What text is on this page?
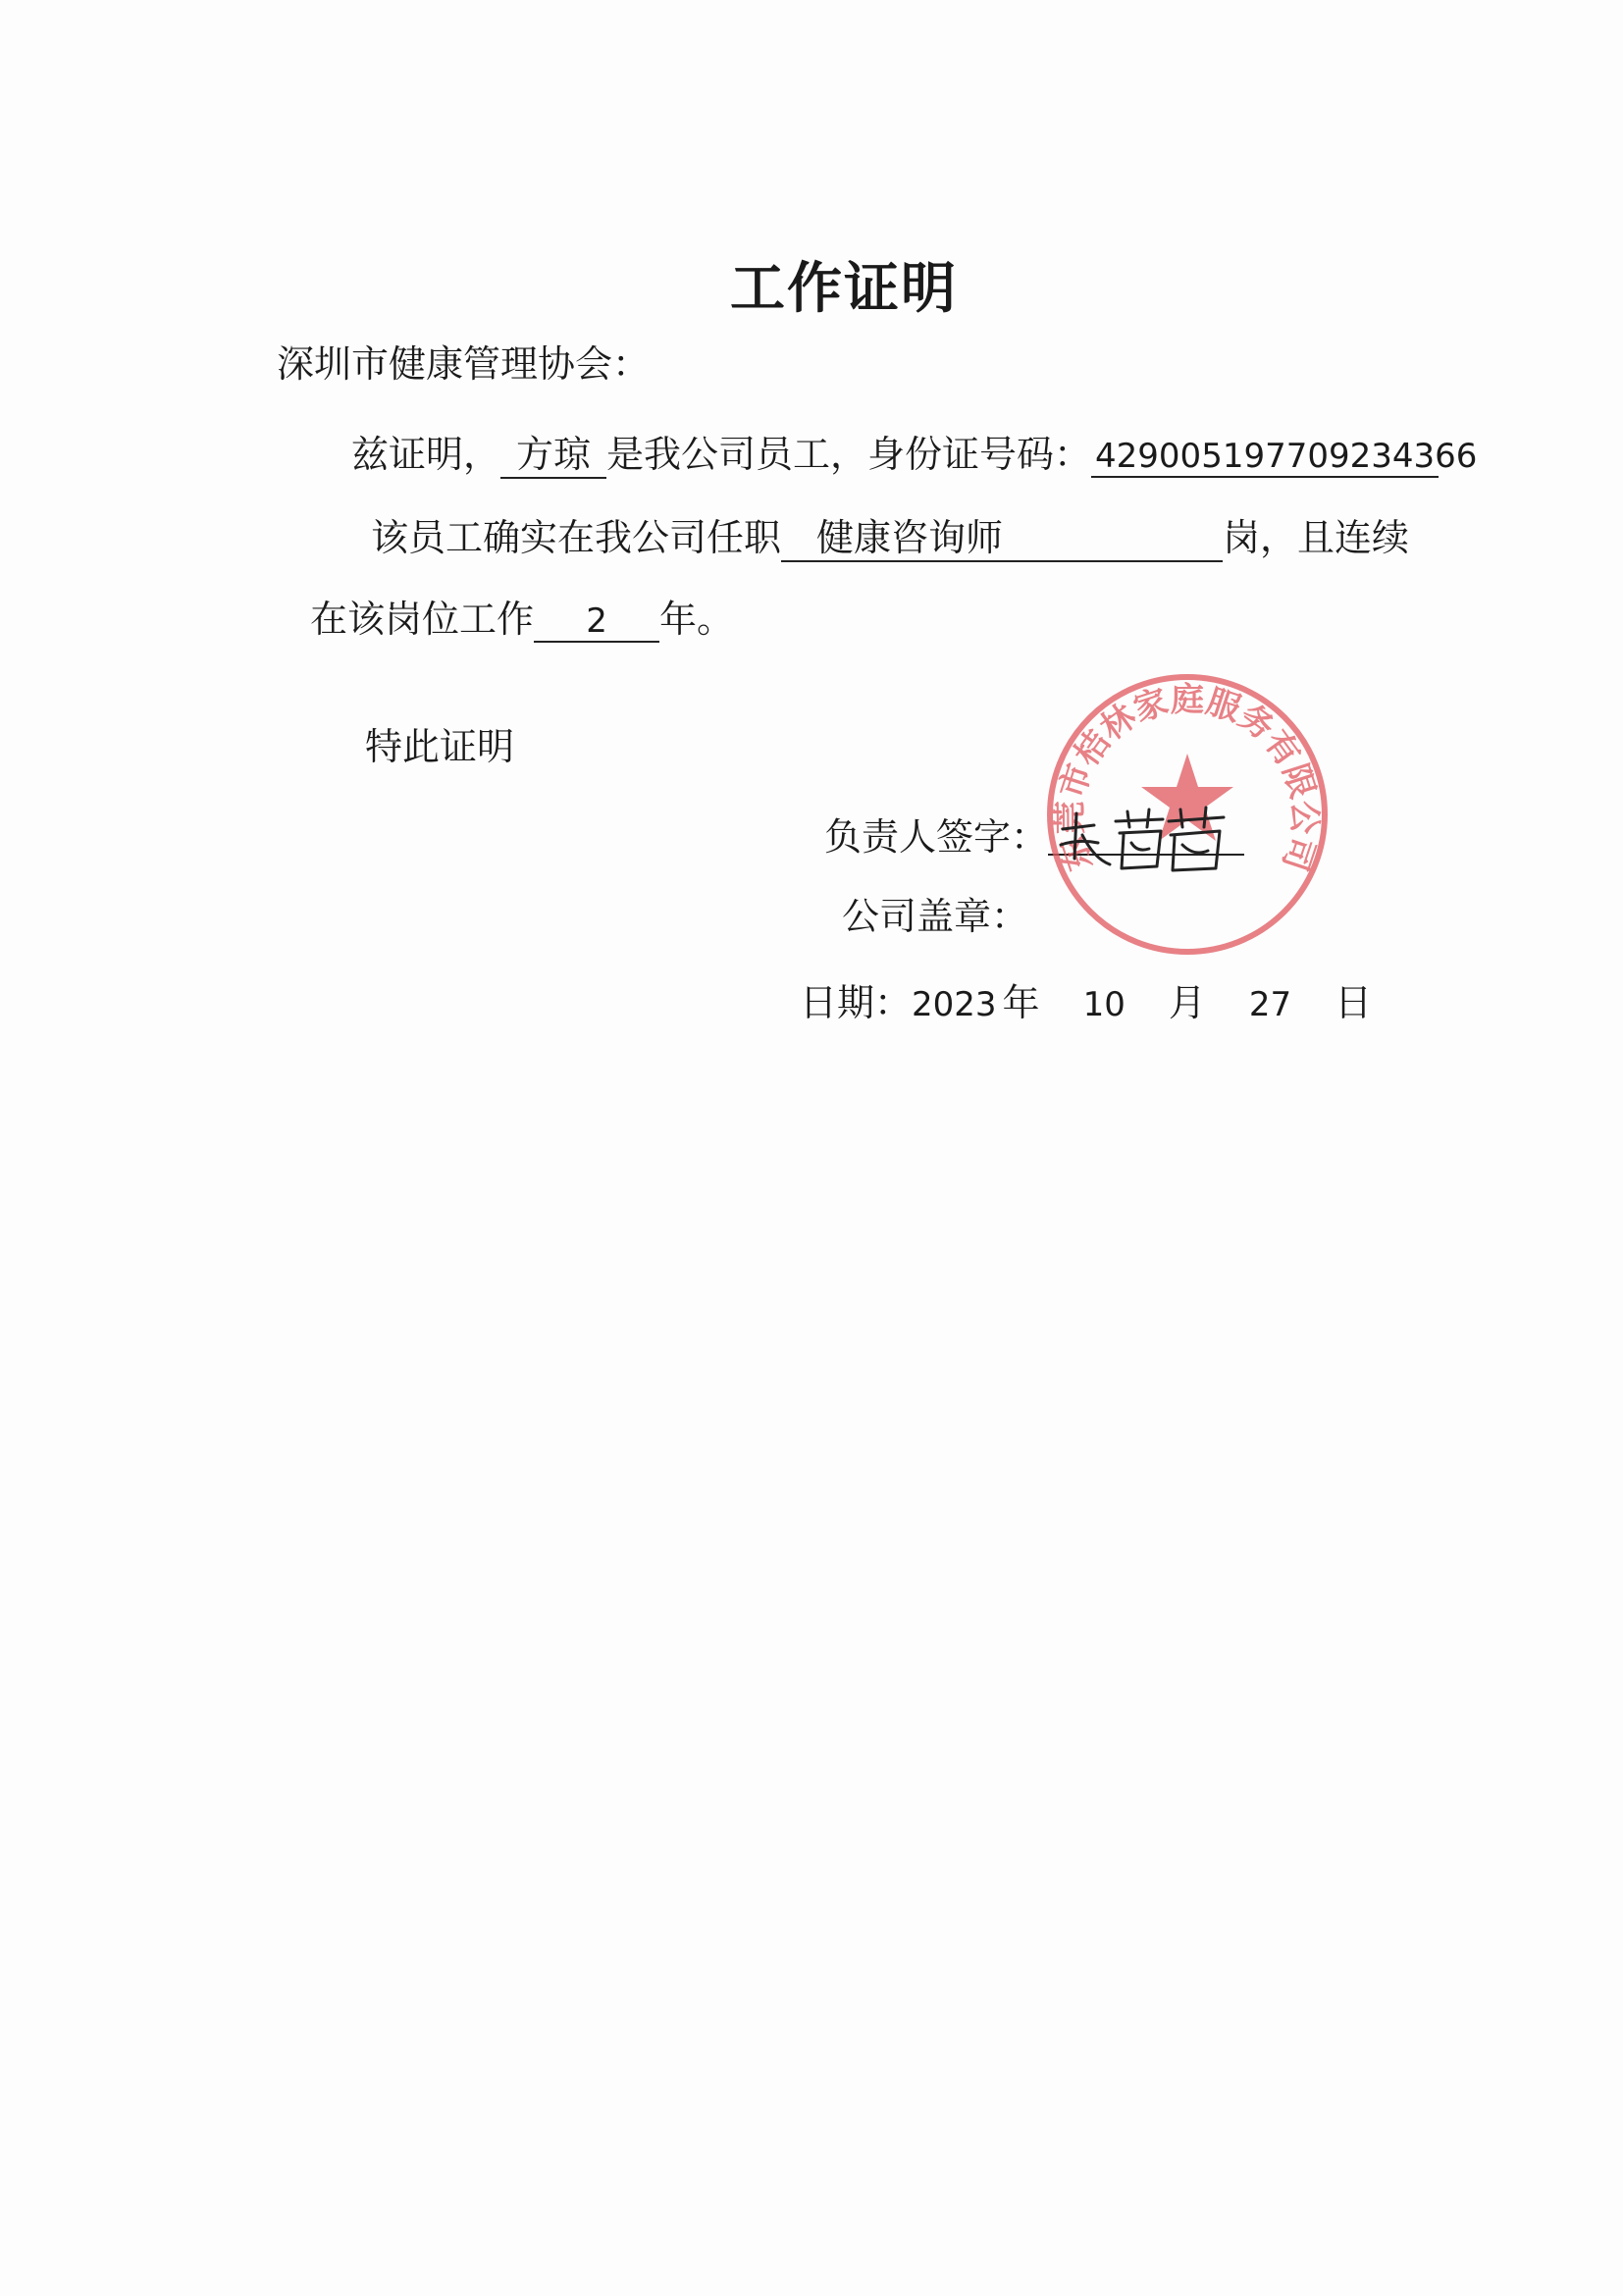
工作证明
深圳市健康管理协会：
兹证明， 方琼 是我公司员工，身份证号码： 429005197709234366
该员工确实在我公司任职 健康咨询师	岗，且连续
在该岗位工作 2 年。
特此证明
负责人签字：
公司盖章：
日期：2023 年 10 月 27 日
东莞市桔林家庭服务有限公司
